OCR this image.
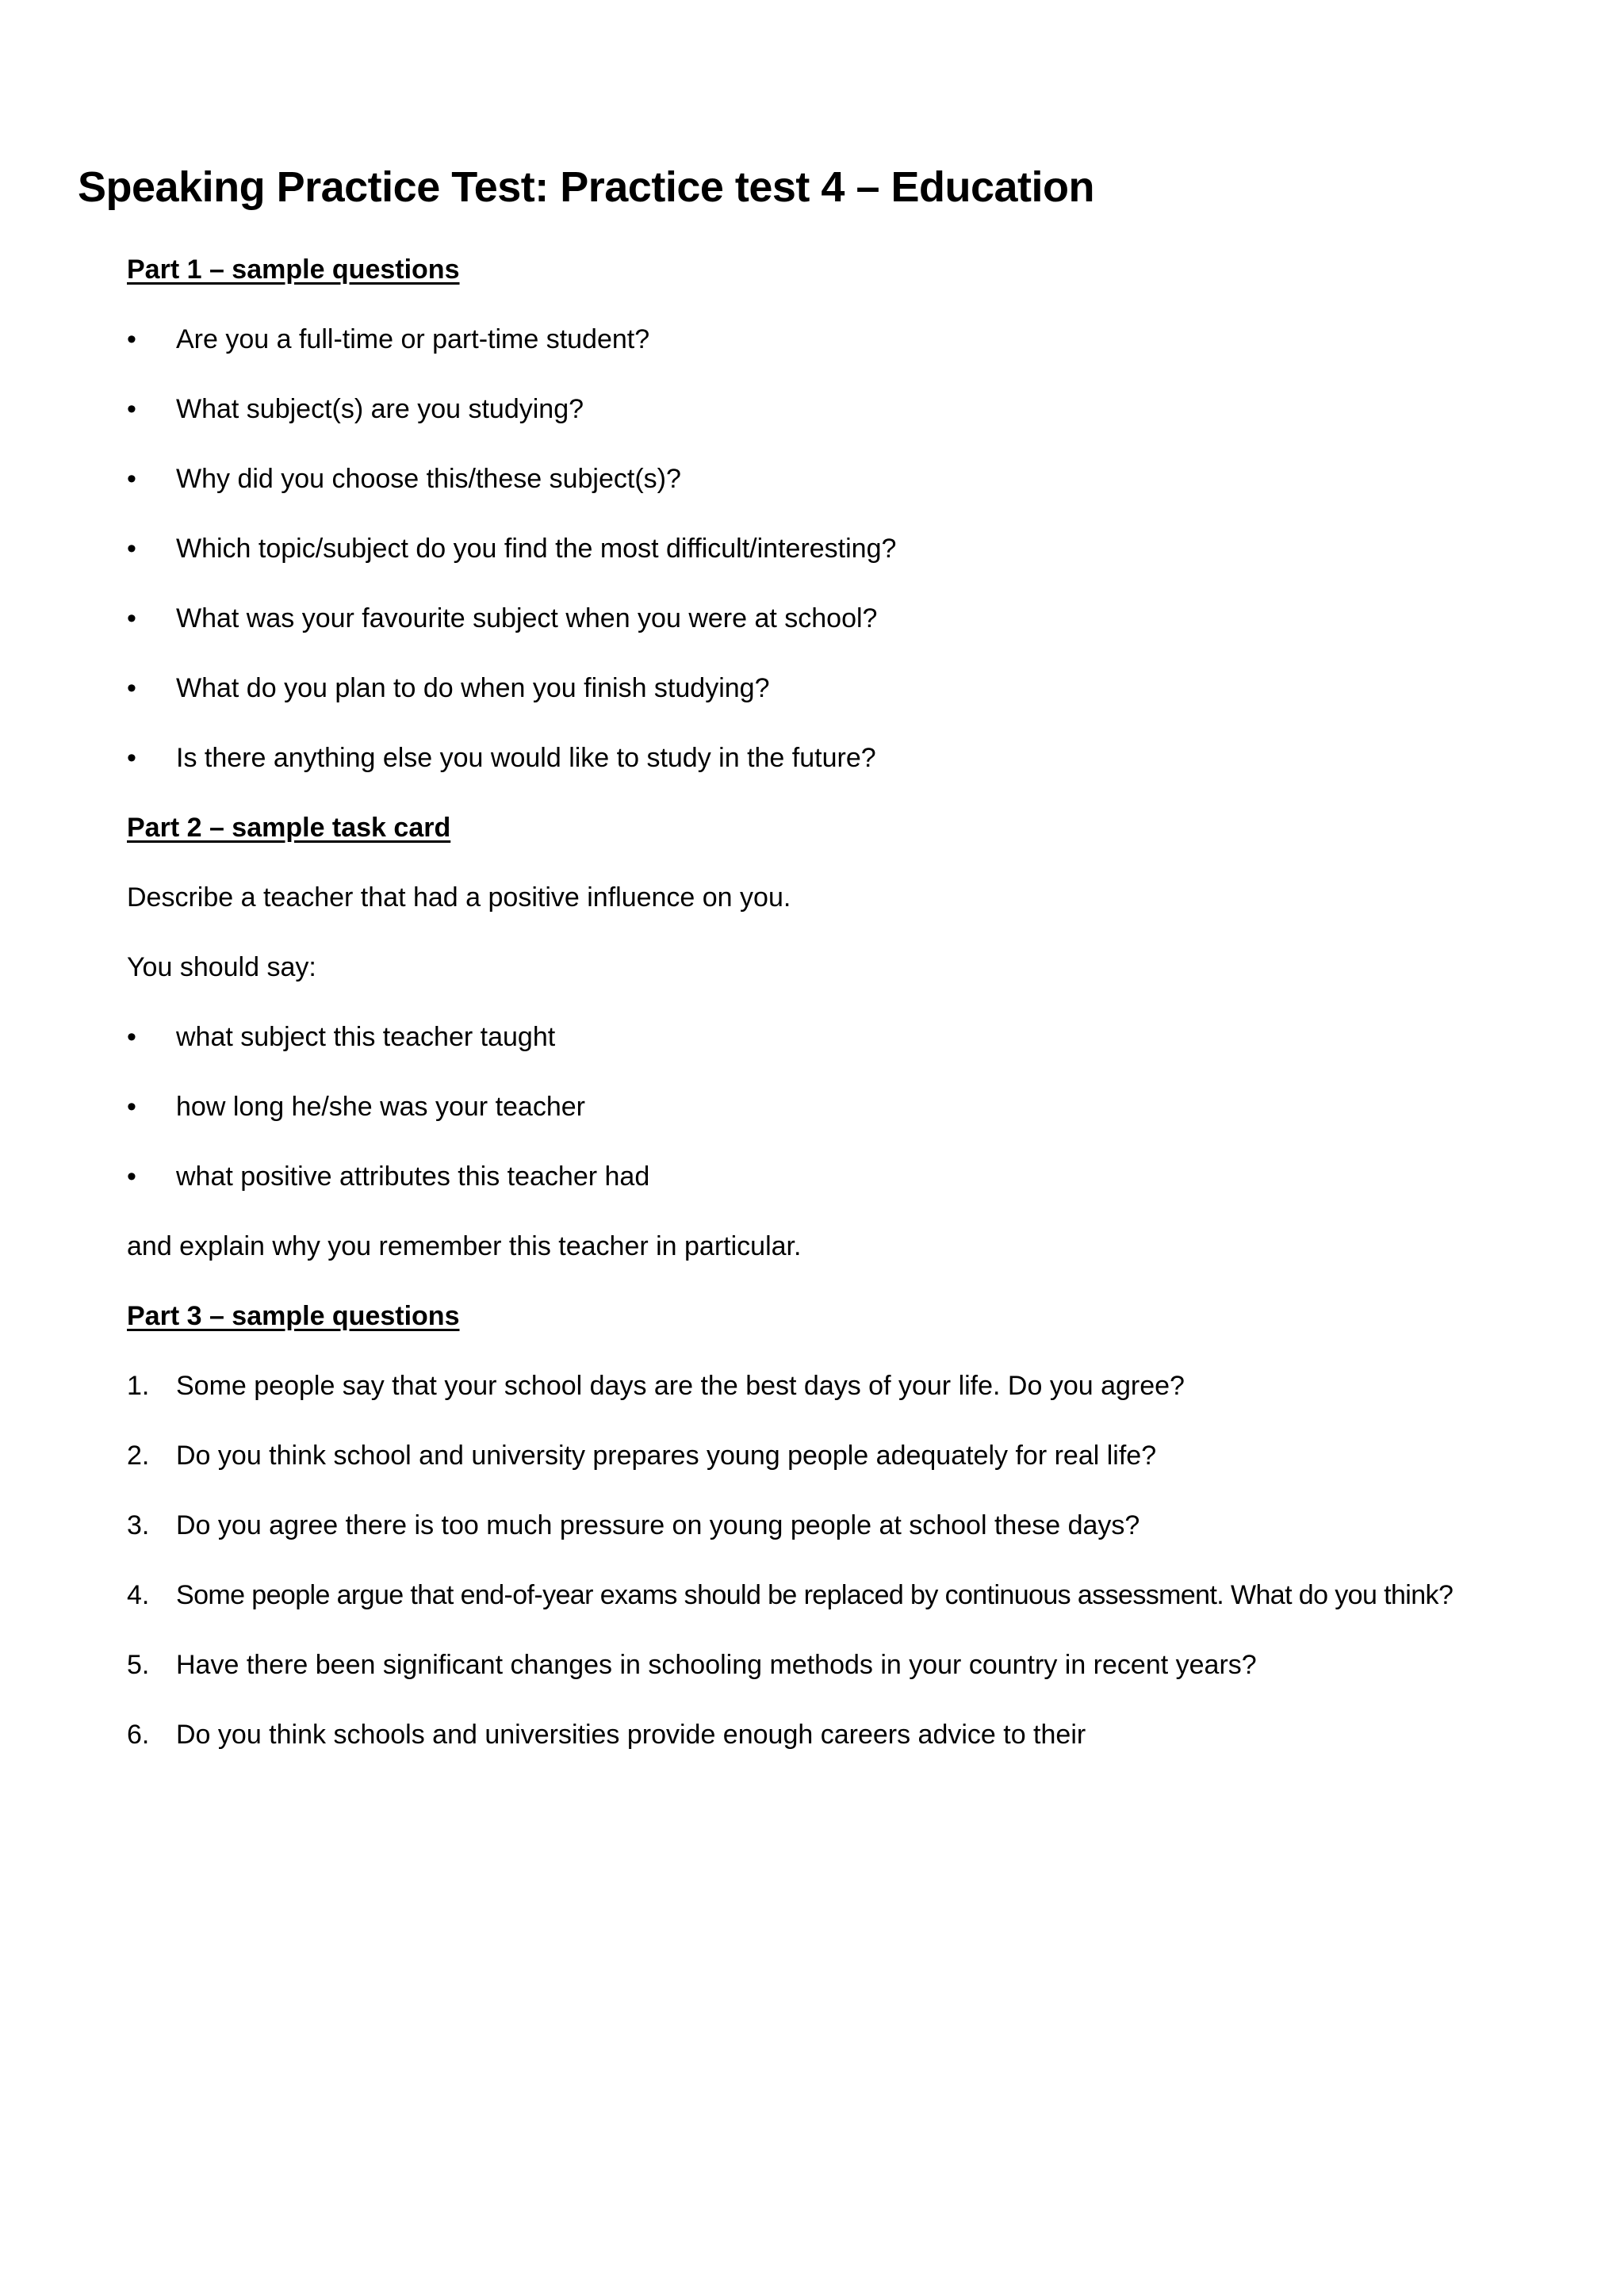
Speaking Practice Test: Practice test 4 – Education
Part 1 – sample questions
•
Are you a full-time or part-time student?
•
What subject(s) are you studying?
•
Why did you choose this/these subject(s)?
•
Which topic/subject do you find the most difficult/interesting?
•
What was your favourite subject when you were at school?
•
What do you plan to do when you finish studying?
•
Is there anything else you would like to study in the future?
Part 2 – sample task card

Describe a teacher that had a positive influence on you.

You should say:

•
what subject this teacher taught
•
how long he/she was your teacher
•
what positive attributes this teacher had

and explain why you remember this teacher in particular.

Part 3 – sample questions
1. Some people say that your school days are the best days of your life. Do you agree?
2. Do you think school and university prepares young people adequately for real life?
3. Do you agree there is too much pressure on young people at school these days?
4. Some people argue that end-of-year exams should be replaced by continuous assessment. What do you think?
5. Have there been significant changes in schooling methods in your country in recent years?
6. Do you think schools and universities provide enough careers advice to their
